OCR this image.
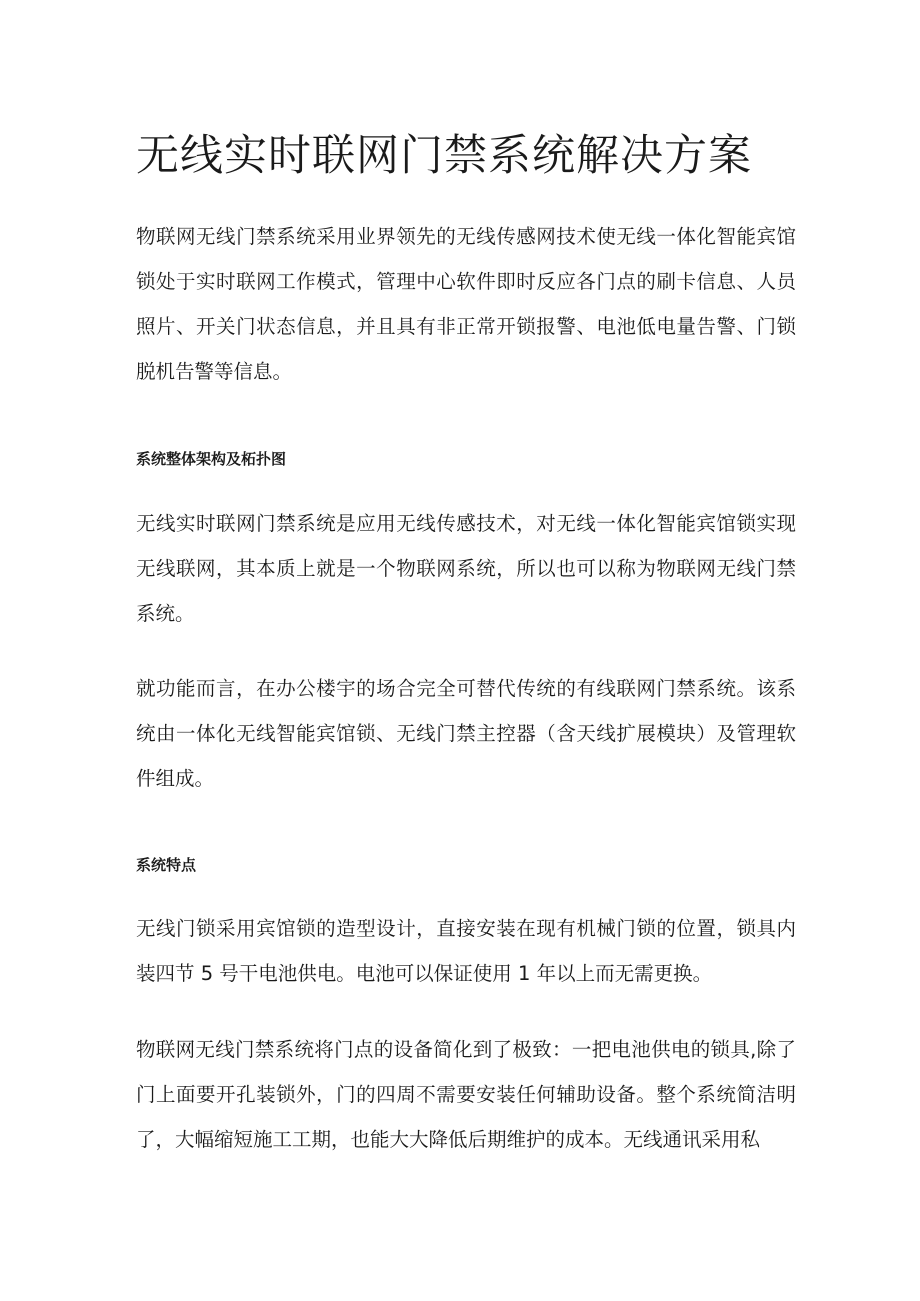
无线实时联网门禁系统解决方案

物联网无线门禁系统采用业界领先的无线传感网技术使无线一体化智能宾馆锁处于实时联网工作模式，管理中心软件即时反应各门点的刷卡信息、人员照片、开关门状态信息，并且具有非正常开锁报警、电池低电量告警、门锁脱机告警等信息。

系统整体架构及柘扑图

无线实时联网门禁系统是应用无线传感技术，对无线一体化智能宾馆锁实现无线联网，其本质上就是一个物联网系统，所以也可以称为物联网无线门禁系统。

就功能而言，在办公楼宇的场合完全可替代传统的有线联网门禁系统。该系统由一体化无线智能宾馆锁、无线门禁主控器（含天线扩展模块）及管理软件组成。

系统特点

无线门锁采用宾馆锁的造型设计，直接安装在现有机械门锁的位置，锁具内装四节 5 号干电池供电。电池可以保证使用 1 年以上而无需更换。

物联网无线门禁系统将门点的设备简化到了极致：一把电池供电的锁具,除了门上面要开孔装锁外，门的四周不需要安装任何辅助设备。整个系统简洁明了，大幅缩短施工工期，也能大大降低后期维护的成本。无线通讯采用私
